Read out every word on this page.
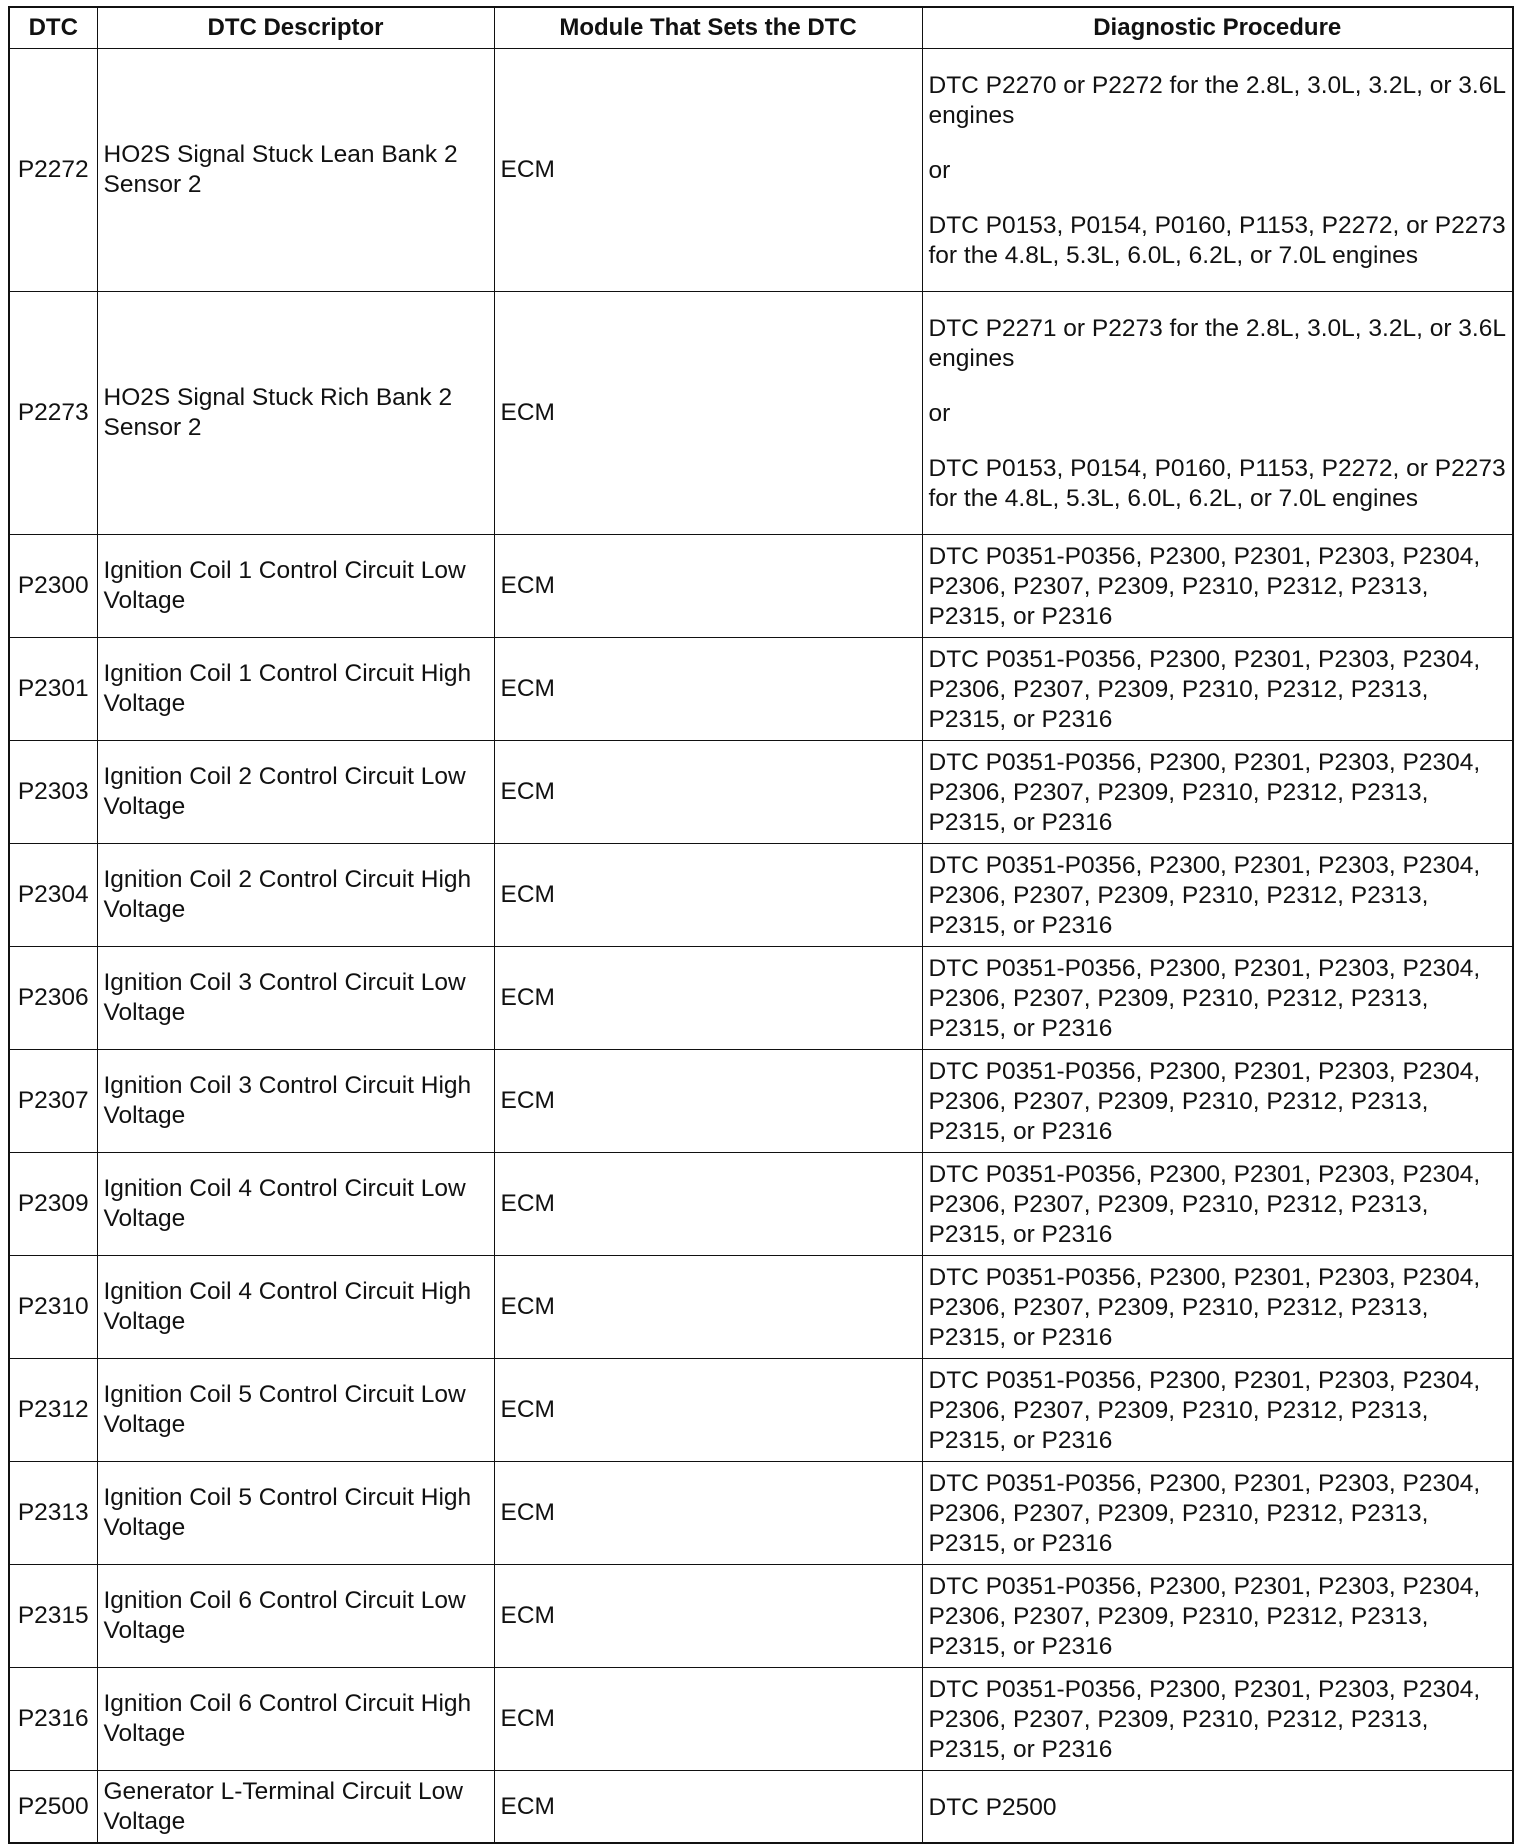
DTC	DTC Descriptor	Module That Sets the DTC	Diagnostic Procedure
P2272	HO2S Signal Stuck Lean Bank 2 Sensor 2	ECM	DTC P2270 or P2272 for the 2.8L, 3.0L, 3.2L, or 3.6L engines
or
DTC P0153, P0154, P0160, P1153, P2272, or P2273 for the 4.8L, 5.3L, 6.0L, 6.2L, or 7.0L engines

P2273	HO2S Signal Stuck Rich Bank 2 Sensor 2	ECM	DTC P2271 or P2273 for the 2.8L, 3.0L, 3.2L, or 3.6L engines
or
DTC P0153, P0154, P0160, P1153, P2272, or P2273 for the 4.8L, 5.3L, 6.0L, 6.2L, or 7.0L engines

P2300	Ignition Coil 1 Control Circuit Low Voltage	ECM	DTC P0351-P0356, P2300, P2301, P2303, P2304, P2306, P2307, P2309, P2310, P2312, P2313, P2315, or P2316

P2301	Ignition Coil 1 Control Circuit High Voltage	ECM	DTC P0351-P0356, P2300, P2301, P2303, P2304, P2306, P2307, P2309, P2310, P2312, P2313, P2315, or P2316

P2303	Ignition Coil 2 Control Circuit Low Voltage	ECM	DTC P0351-P0356, P2300, P2301, P2303, P2304, P2306, P2307, P2309, P2310, P2312, P2313, P2315, or P2316

P2304	Ignition Coil 2 Control Circuit High Voltage	ECM	DTC P0351-P0356, P2300, P2301, P2303, P2304, P2306, P2307, P2309, P2310, P2312, P2313, P2315, or P2316

P2306	Ignition Coil 3 Control Circuit Low Voltage	ECM	DTC P0351-P0356, P2300, P2301, P2303, P2304, P2306, P2307, P2309, P2310, P2312, P2313, P2315, or P2316

P2307	Ignition Coil 3 Control Circuit High Voltage	ECM	DTC P0351-P0356, P2300, P2301, P2303, P2304, P2306, P2307, P2309, P2310, P2312, P2313, P2315, or P2316

P2309	Ignition Coil 4 Control Circuit Low Voltage	ECM	DTC P0351-P0356, P2300, P2301, P2303, P2304, P2306, P2307, P2309, P2310, P2312, P2313, P2315, or P2316

P2310	Ignition Coil 4 Control Circuit High Voltage	ECM	DTC P0351-P0356, P2300, P2301, P2303, P2304, P2306, P2307, P2309, P2310, P2312, P2313, P2315, or P2316

P2312	Ignition Coil 5 Control Circuit Low Voltage	ECM	DTC P0351-P0356, P2300, P2301, P2303, P2304, P2306, P2307, P2309, P2310, P2312, P2313, P2315, or P2316

P2313	Ignition Coil 5 Control Circuit High Voltage	ECM	DTC P0351-P0356, P2300, P2301, P2303, P2304, P2306, P2307, P2309, P2310, P2312, P2313, P2315, or P2316

P2315	Ignition Coil 6 Control Circuit Low Voltage	ECM	DTC P0351-P0356, P2300, P2301, P2303, P2304, P2306, P2307, P2309, P2310, P2312, P2313, P2315, or P2316

P2316	Ignition Coil 6 Control Circuit High Voltage	ECM	DTC P0351-P0356, P2300, P2301, P2303, P2304, P2306, P2307, P2309, P2310, P2312, P2313, P2315, or P2316

P2500	Generator L-Terminal Circuit Low Voltage	ECM	DTC P2500
